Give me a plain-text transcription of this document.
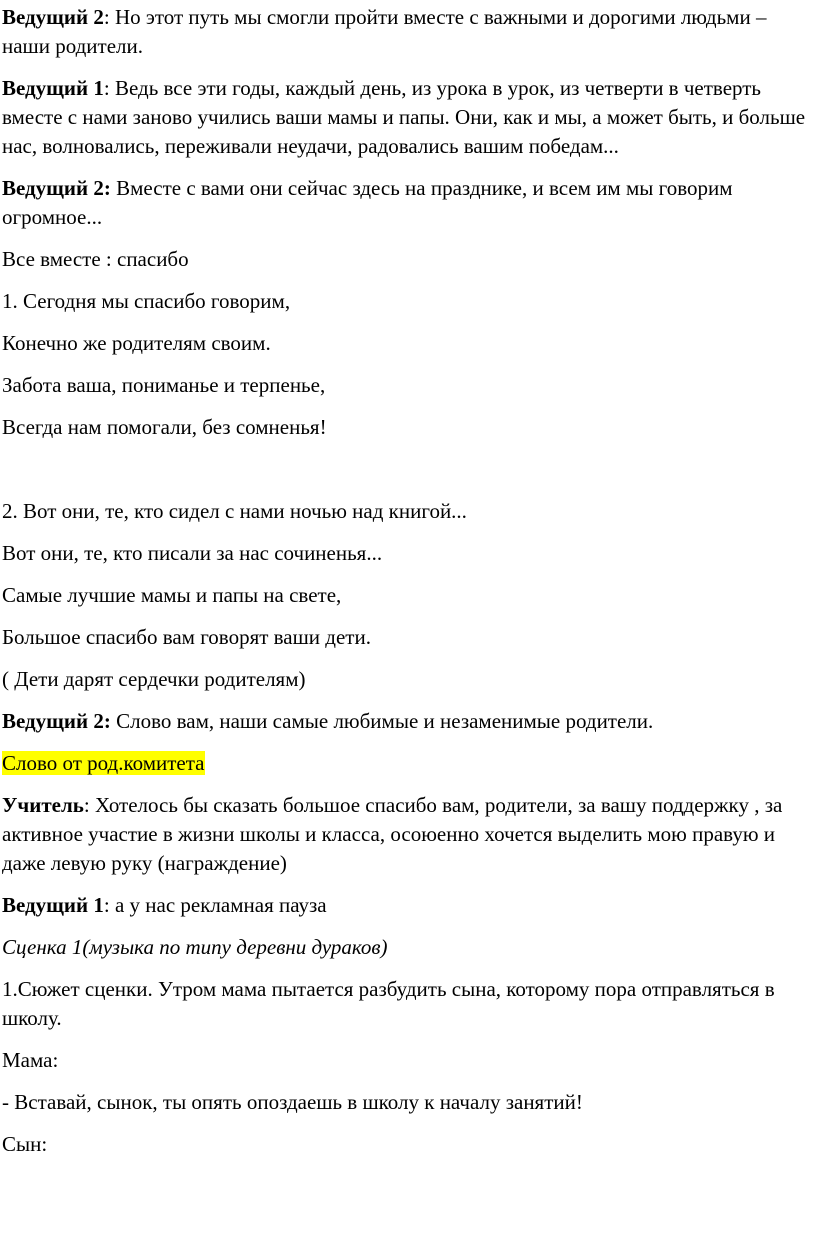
Ведущий 2: Но этот путь мы смогли пройти вместе с важными и дорогими людьми –наши родители.

Ведущий 1: Ведь все эти годы, каждый день, из урока в урок, из четверти в четверть вместе с нами заново учились ваши мамы и папы. Они, как и мы, а может быть, и больше нас, волновались, переживали неудачи, радовались вашим победам...

Ведущий 2: Вместе с вами они сейчас здесь на празднике, и всем им мы говорим огромное...

Все вместе : спасибо

1. Сегодня мы спасибо говорим,

Конечно же родителям своим.

Забота ваша, пониманье и терпенье,

Всегда нам помогали, без сомненья!

2. Вот они, те, кто сидел с нами ночью над книгой...

Вот они, те, кто писали за нас сочиненья...

Самые лучшие мамы и папы на свете,

Большое спасибо вам говорят ваши дети.

( Дети дарят сердечки родителям)

Ведущий 2: Слово вам, наши самые любимые и незаменимые родители.

Слово от род.комитета

Учитель: Хотелось бы сказать большое спасибо вам, родители, за вашу поддержку , за активное участие в жизни школы и класса, осоюенно хочется выделить мою правую и даже левую руку (награждение)

Ведущий 1: а у нас рекламная пауза

Сценка 1(музыка по типу деревни дураков)

1.Сюжет сценки. Утром мама пытается разбудить сына, которому пора отправляться в школу.

Мама:

- Вставай, сынок, ты опять опоздаешь в школу к началу занятий!

Сын:
